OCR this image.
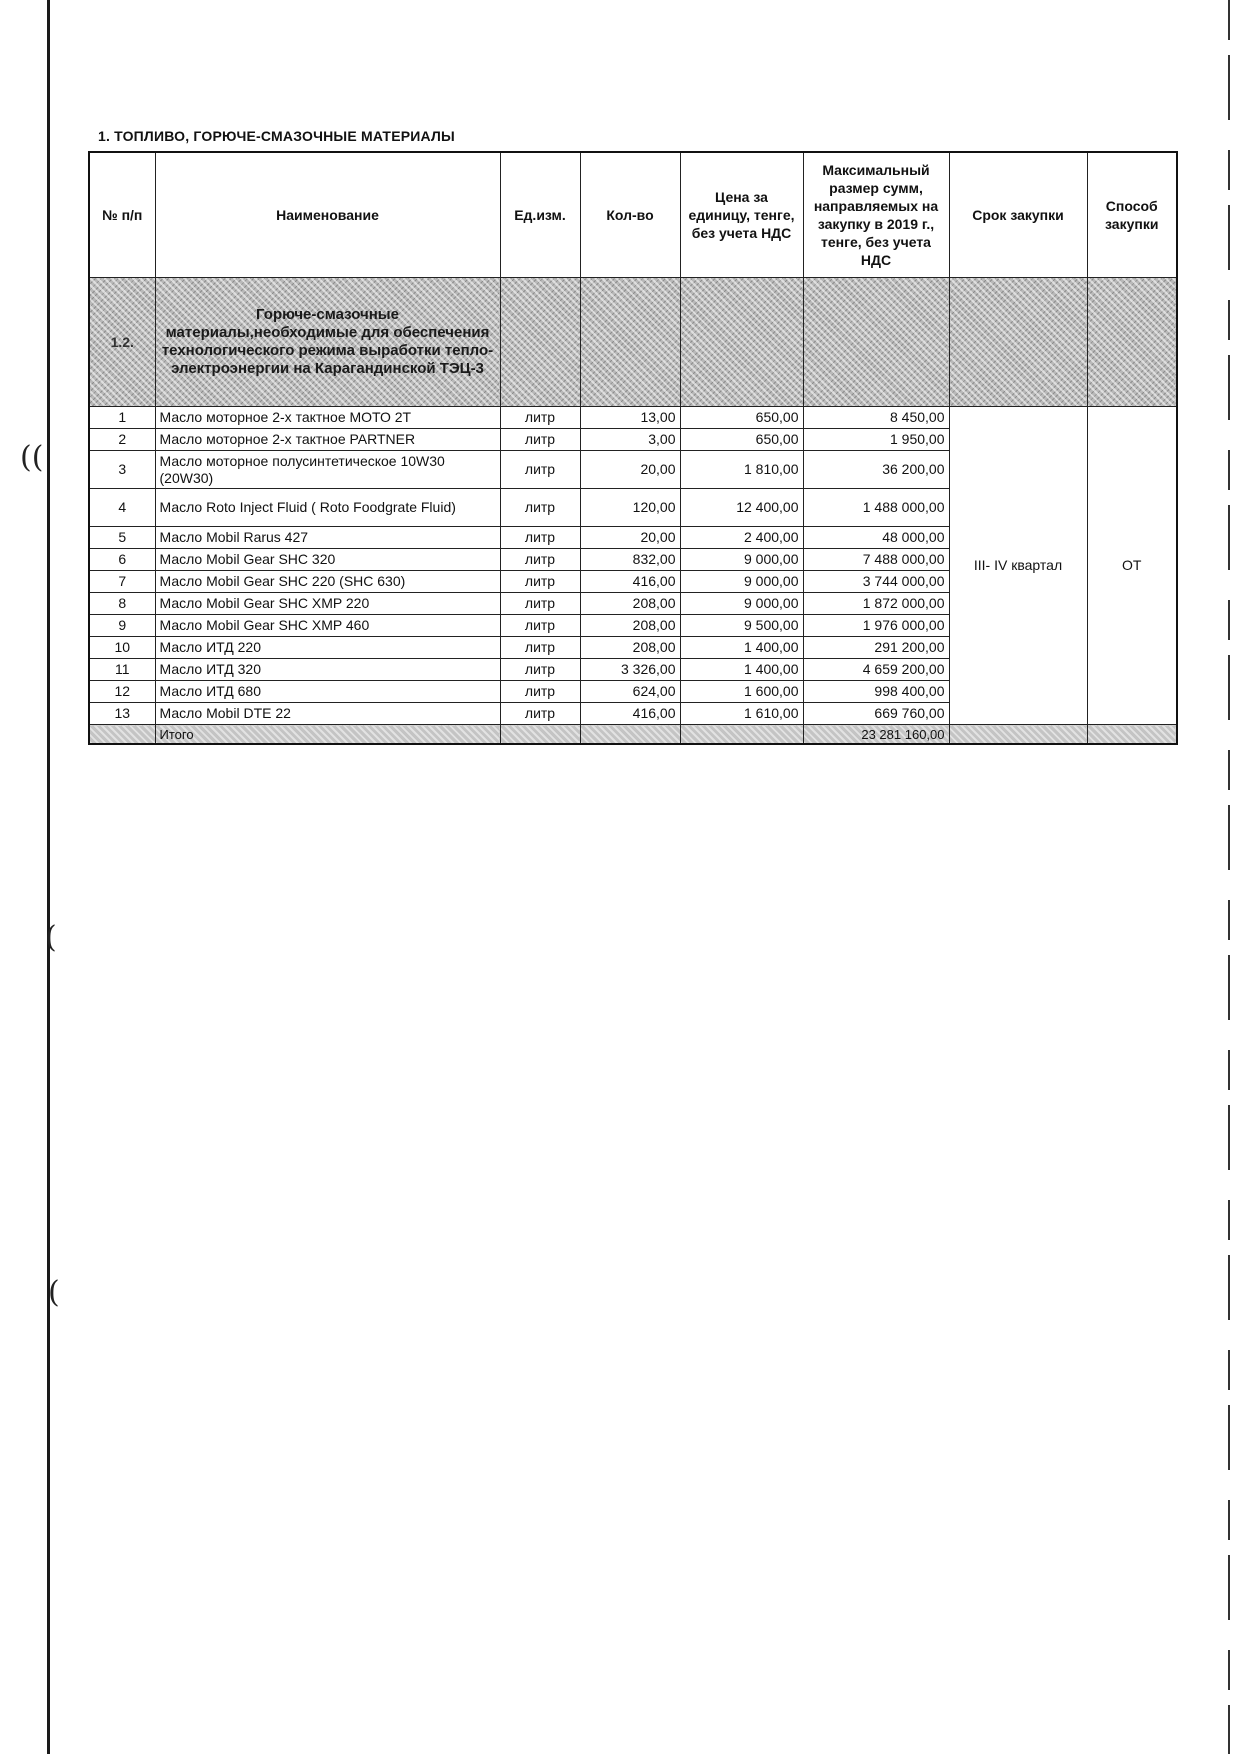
((
(
(
1. ТОПЛИВО, ГОРЮЧЕ-СМАЗОЧНЫЕ МАТЕРИАЛЫ
№ п/п	Наименование	Ед.изм.	Кол-во	Цена за единицу, тенге, без учета НДС	Максимальный размер сумм, направляемых на закупку в 2019 г., тенге, без учета НДС	Срок закупки	Способ закупки
1.2.	Горюче-смазочные материалы,необходимые для обеспечения технологического режима выработки тепло-электроэнергии на Карагандинской ТЭЦ-3						
1	Масло моторное 2-х тактное МОТО 2Т	литр	13,00	650,00	8 450,00	III- IV квартал	ОТ
2	Масло моторное 2-х тактное PARTNER	литр	3,00	650,00	1 950,00		
3	Масло моторное полусинтетическое 10W30 (20W30)	литр	20,00	1 810,00	36 200,00		
4	Масло Roto Inject Fluid ( Roto Foodgrate Fluid)	литр	120,00	12 400,00	1 488 000,00		
5	Масло Mobil Rarus 427	литр	20,00	2 400,00	48 000,00		
6	Масло Mobil Gear SHC 320	литр	832,00	9 000,00	7 488 000,00		
7	Масло Mobil Gear SHC 220 (SHC 630)	литр	416,00	9 000,00	3 744 000,00		
8	Масло Mobil Gear SHC XMP 220	литр	208,00	9 000,00	1 872 000,00		
9	Масло Mobil Gear SHC XMP 460	литр	208,00	9 500,00	1 976 000,00		
10	Масло ИТД 220	литр	208,00	1 400,00	291 200,00		
11	Масло ИТД 320	литр	3 326,00	1 400,00	4 659 200,00		
12	Масло ИТД 680	литр	624,00	1 600,00	998 400,00		
13	Масло Mobil DTE 22	литр	416,00	1 610,00	669 760,00		
	Итого				23 281 160,00		
